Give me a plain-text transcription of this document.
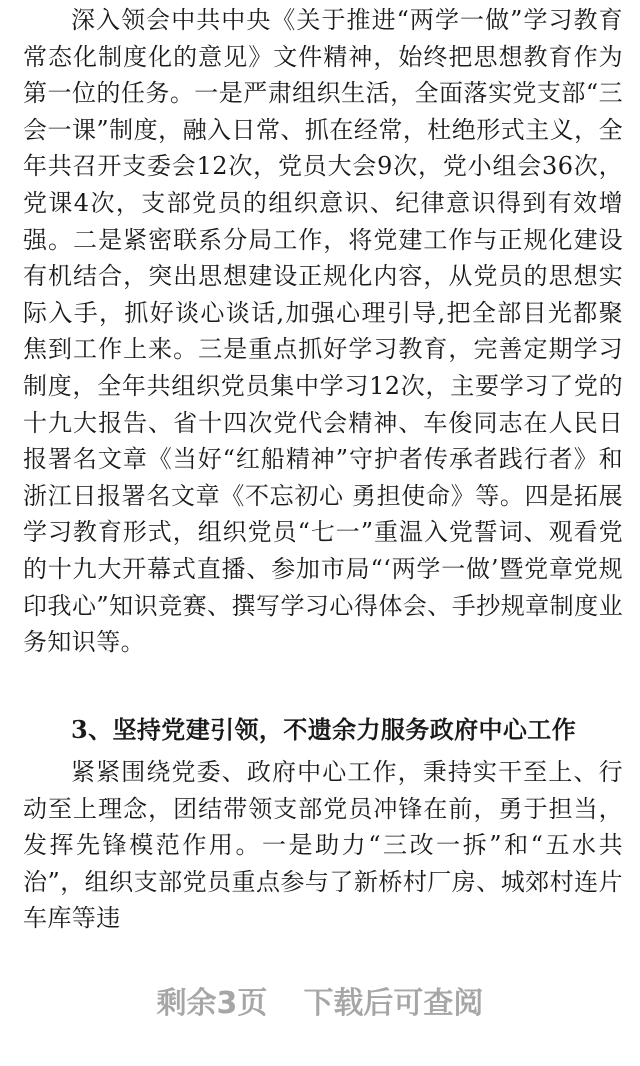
深入领会中共中央《关于推进“两学一做”学习教育常态化制度化的意见》文件精神，始终把思想教育作为第一位的任务。一是严肃组织生活，全面落实党支部“三会一课”制度，融入日常、抓在经常，杜绝形式主义，全年共召开支委会12次，党员大会9次，党小组会36次，党课4次，支部党员的组织意识、纪律意识得到有效增强。二是紧密联系分局工作，将党建工作与正规化建设有机结合，突出思想建设正规化内容，从党员的思想实际入手，抓好谈心谈话,加强心理引导,把全部目光都聚焦到工作上来。三是重点抓好学习教育，完善定期学习制度，全年共组织党员集中学习12次，主要学习了党的十九大报告、省十四次党代会精神、车俊同志在人民日报署名文章《当好“红船精神”守护者传承者践行者》和浙江日报署名文章《不忘初心 勇担使命》等。四是拓展学习教育形式，组织党员“七一”重温入党誓词、观看党的十九大开幕式直播、参加市局“‘两学一做’暨党章党规印我心”知识竞赛、撰写学习心得体会、手抄规章制度业务知识等。

3、坚持党建引领，不遗余力服务政府中心工作

紧紧围绕党委、政府中心工作，秉持实干至上、行动至上理念，团结带领支部党员冲锋在前，勇于担当，发挥先锋模范作用。一是助力“三改一拆”和“五水共治”，组织支部党员重点参与了新桥村厂房、城郊村连片车库等违

剩余3页 下载后可查阅
